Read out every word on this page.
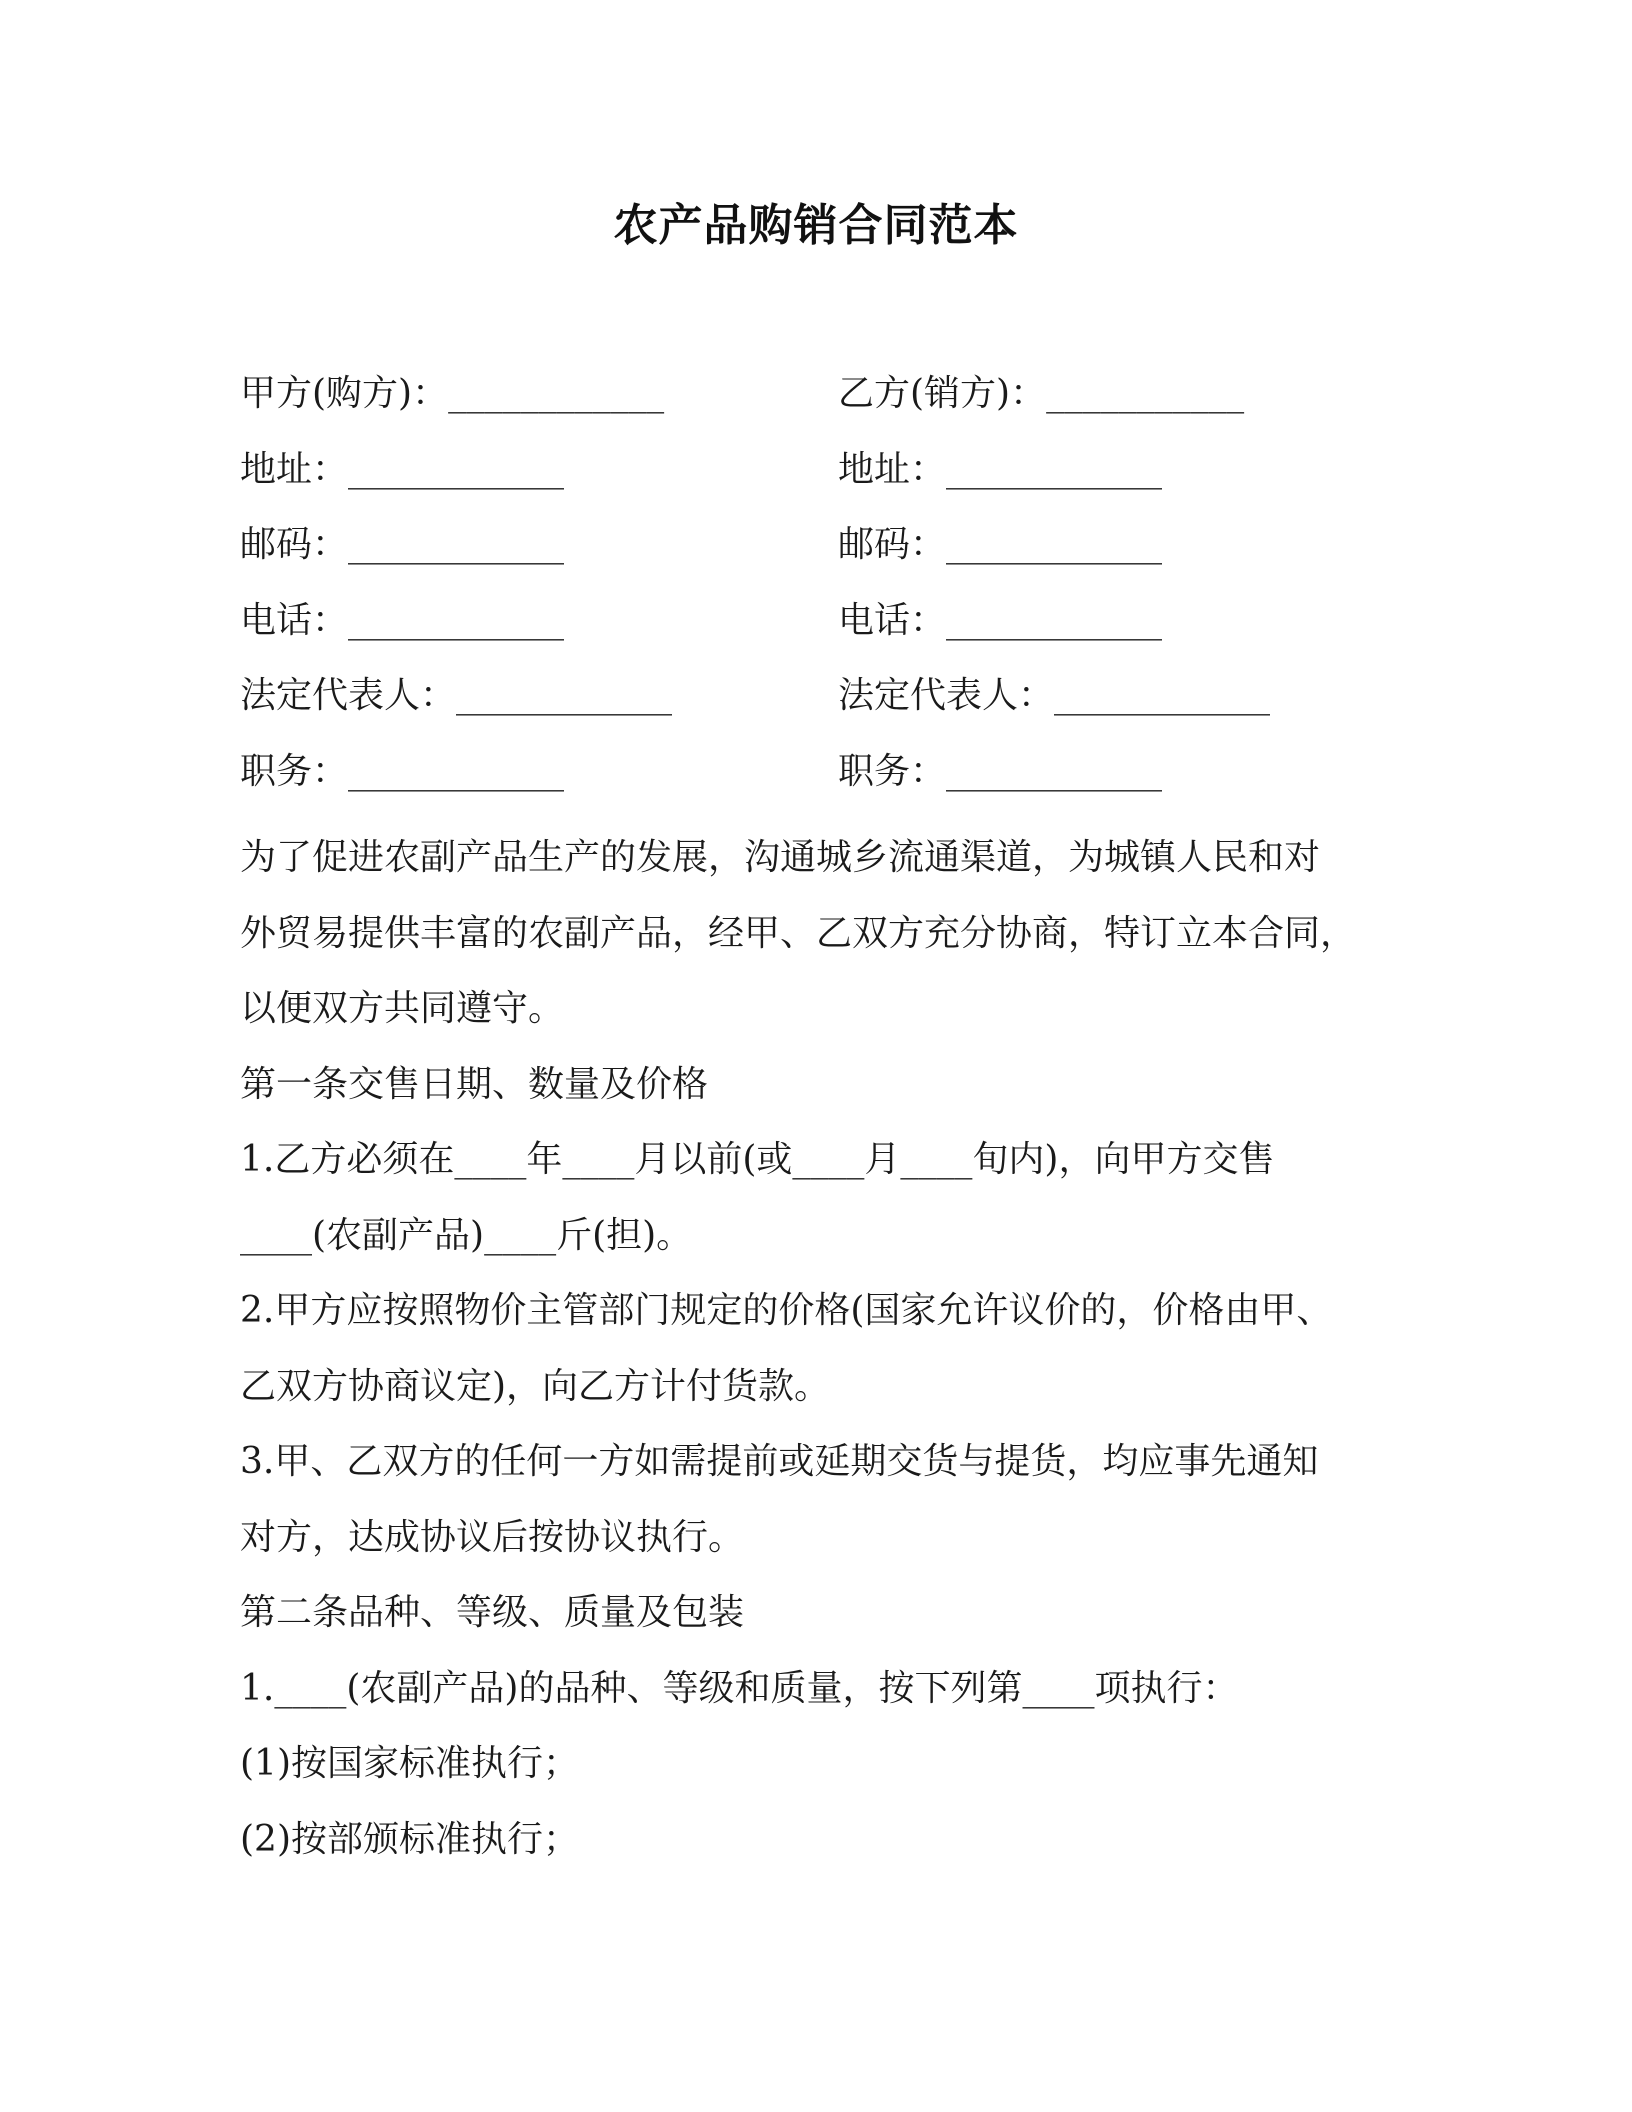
农产品购销合同范本
甲方(购方)：____________	乙方(销方)：___________
地址：____________	地址：____________
邮码：____________	邮码：____________
电话：____________	电话：____________
法定代表人：____________	法定代表人：____________
职务：____________	职务：____________

为了促进农副产品生产的发展，沟通城乡流通渠道，为城镇人民和对

外贸易提供丰富的农副产品，经甲、乙双方充分协商，特订立本合同，

以便双方共同遵守。

第一条交售日期、数量及价格

1.乙方必须在____年____月以前(或____月____旬内)，向甲方交售

____(农副产品)____斤(担)。

2.甲方应按照物价主管部门规定的价格(国家允许议价的，价格由甲、

乙双方协商议定)，向乙方计付货款。

3.甲、乙双方的任何一方如需提前或延期交货与提货，均应事先通知

对方，达成协议后按协议执行。

第二条品种、等级、质量及包装

1.____(农副产品)的品种、等级和质量，按下列第____项执行：

(1)按国家标准执行；

(2)按部颁标准执行；
